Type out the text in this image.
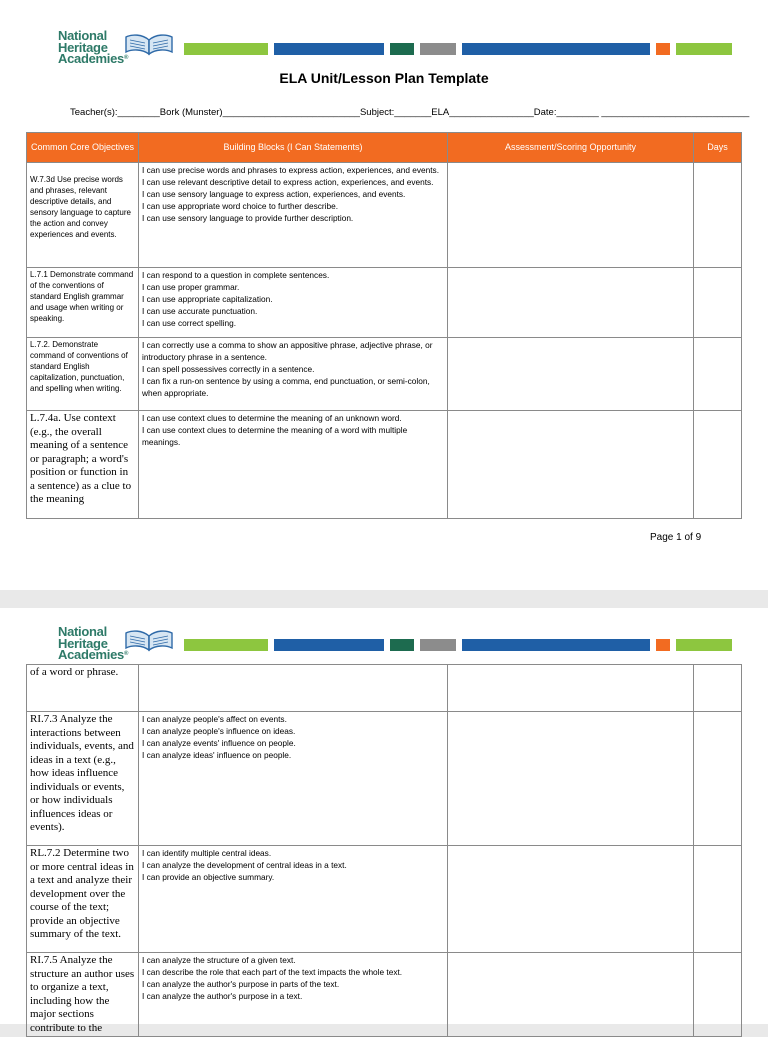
National
Heritage
Academies®
ELA Unit/Lesson Plan Template
Teacher(s):________Bork (Munster)__________________________Subject:_______ELA________________Date:________ ____________________________
Common Core Objectives	Building Blocks (I Can Statements)	Assessment/Scoring Opportunity	Days

W.7.3d Use precise words and phrases, relevant descriptive details, and sensory language to capture the action and convey experiences and events.	I can use precise words and phrases to express action, experiences, and events.
I can use relevant descriptive detail to express action, experiences, and events.
I can use sensory language to express action, experiences, and events.
I can use appropriate word choice to further describe.
I can use sensory language to provide further description.		

L.7.1 Demonstrate command of the conventions of standard English grammar and usage when writing or speaking.	I can respond to a question in complete sentences.
I can use proper grammar.
I can use appropriate capitalization.
I can use accurate punctuation.
I can use correct spelling.		

L.7.2. Demonstrate command of conventions of standard English capitalization, punctuation, and spelling when writing.	I can correctly use a comma to show an appositive phrase, adjective phrase, or introductory phrase in a sentence.
I can spell possessives correctly in a sentence.
I can fix a run-on sentence by using a comma, end punctuation, or semi-colon, when appropriate.		

L.7.4a. Use context (e.g., the overall meaning of a sentence or paragraph; a word's position or function in a sentence) as a clue to the meaning	I can use context clues to determine the meaning of an unknown word.
I can use context clues to determine the meaning of a word with multiple meanings.		

Page 1 of 9
National
Heritage
Academies®
of a word or phrase.			

RI.7.3 Analyze the interactions between individuals, events, and ideas in a text (e.g., how ideas influence individuals or events, or how individuals influences ideas or events).	I can analyze people's affect on events.
I can analyze people's influence on ideas.
I can analyze events' influence on people.
I can analyze ideas' influence on people.		

RL.7.2 Determine two or more central ideas in a text and analyze their development over the course of the text; provide an objective summary of the text.	I can identify multiple central ideas.
I can analyze the development of central ideas in a text.
I can provide an objective summary.		

RI.7.5 Analyze the structure an author uses to organize a text, including how the major sections contribute to the	I can analyze the structure of a given text.
I can describe the role that each part of the text impacts the whole text.
I can analyze the author's purpose in parts of the text.
I can analyze the author's purpose in a text.		
